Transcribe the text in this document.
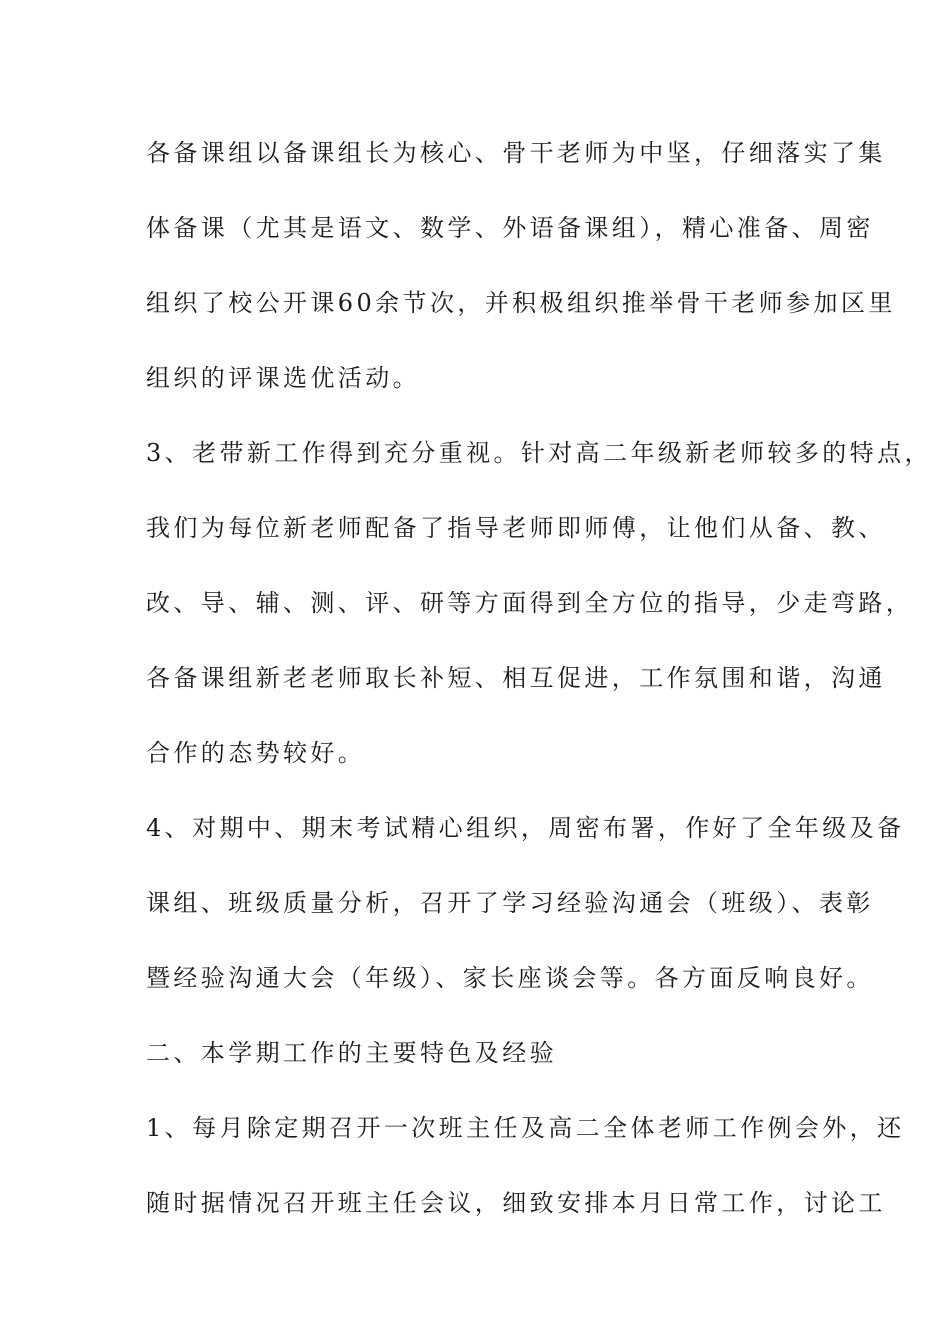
各备课组以备课组长为核心、骨干老师为中坚，仔细落实了集
体备课（尤其是语文、数学、外语备课组），精心准备、周密
组织了校公开课60余节次，并积极组织推举骨干老师参加区里
组织的评课选优活动。
3、老带新工作得到充分重视。针对高二年级新老师较多的特点，
我们为每位新老师配备了指导老师即师傅，让他们从备、教、
改、导、辅、测、评、研等方面得到全方位的指导，少走弯路，
各备课组新老老师取长补短、相互促进，工作氛围和谐，沟通
合作的态势较好。
4、对期中、期末考试精心组织，周密布署，作好了全年级及备
课组、班级质量分析，召开了学习经验沟通会（班级）、表彰
暨经验沟通大会（年级）、家长座谈会等。各方面反响良好。
二、本学期工作的主要特色及经验
1、每月除定期召开一次班主任及高二全体老师工作例会外，还
随时据情况召开班主任会议，细致安排本月日常工作，讨论工
